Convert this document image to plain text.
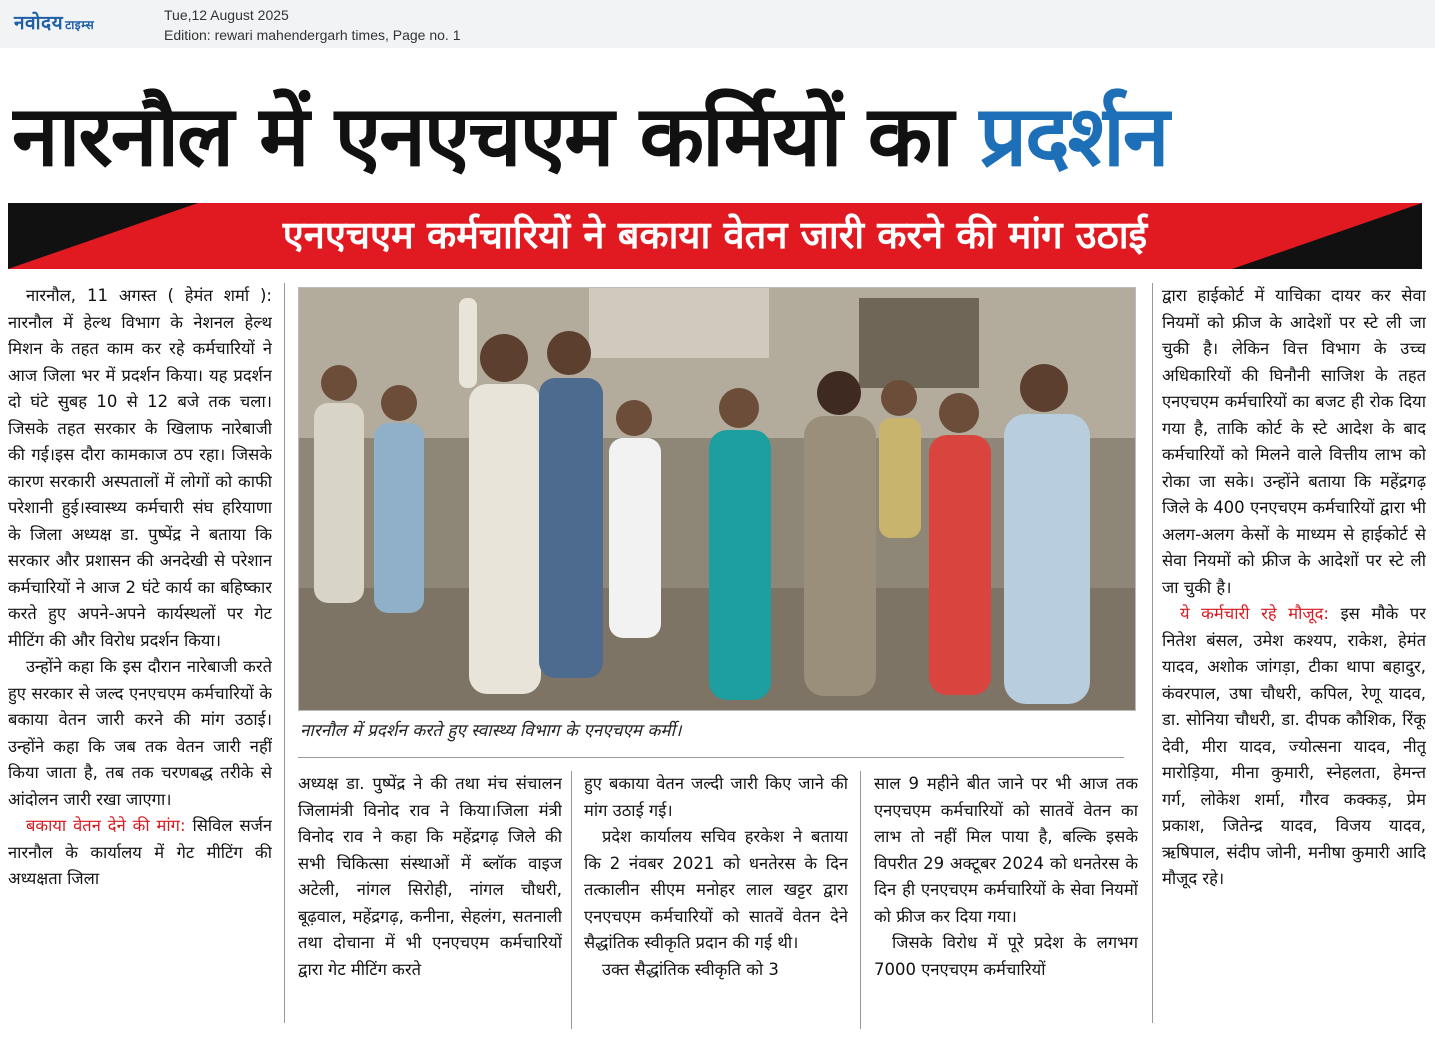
नवोदय टाइम्स
Tue,12 August 2025
Edition: rewari mahendergarh times, Page no. 1
नारनौल में एनएचएम कर्मियों का प्रदर्शन
एनएचएम कर्मचारियों ने बकाया वेतन जारी करने की मांग उठाई

नारनौल, 11 अगस्त ( हेमंत शर्मा ): नारनौल में हेल्थ विभाग के नेशनल हेल्थ मिशन के तहत काम कर रहे कर्मचारियों ने आज जिला भर में प्रदर्शन किया। यह प्रदर्शन दो घंटे सुबह 10 से 12 बजे तक चला। जिसके तहत सरकार के खिलाफ नारेबाजी की गई।इस दौरा कामकाज ठप रहा। जिसके कारण सरकारी अस्पतालों में लोगों को काफी परेशानी हुई।स्वास्थ्य कर्मचारी संघ हरियाणा के जिला अध्यक्ष डा. पुष्पेंद्र ने बताया कि सरकार और प्रशासन की अनदेखी से परेशान कर्मचारियों ने आज 2 घंटे कार्य का बहिष्कार करते हुए अपने-अपने कार्यस्थलों पर गेट मीटिंग की और विरोध प्रदर्शन किया।

उन्होंने कहा कि इस दौरान नारेबाजी करते हुए सरकार से जल्द एनएचएम कर्मचारियों के बकाया वेतन जारी करने की मांग उठाई। उन्होंने कहा कि जब तक वेतन जारी नहीं किया जाता है, तब तक चरणबद्ध तरीके से आंदोलन जारी रखा जाएगा।

बकाया वेतन देने की मांग: सिविल सर्जन नारनौल के कार्यालय में गेट मीटिंग की अध्यक्षता जिला

नारनौल में प्रदर्शन करते हुए स्वास्थ्य विभाग के एनएचएम कर्मी।

अध्यक्ष डा. पुष्पेंद्र ने की तथा मंच संचालन जिलामंत्री विनोद राव ने किया।जिला मंत्री विनोद राव ने कहा कि महेंद्रगढ़ जिले की सभी चिकित्सा संस्थाओं में ब्लॉक वाइज अटेली, नांगल सिरोही, नांगल चौधरी, बूढ़वाल, महेंद्रगढ़, कनीना, सेहलंग, सतनाली तथा दोचाना में भी एनएचएम कर्मचारियों द्वारा गेट मीटिंग करते

हुए बकाया वेतन जल्दी जारी किए जाने की मांग उठाई गई।

प्रदेश कार्यालय सचिव हरकेश ने बताया कि 2 नंवबर 2021 को धनतेरस के दिन तत्कालीन सीएम मनोहर लाल खट्टर द्वारा एनएचएम कर्मचारियों को सातवें वेतन देने सैद्धांतिक स्वीकृति प्रदान की गई थी।

उक्त सैद्धांतिक स्वीकृति को 3

साल 9 महीने बीत जाने पर भी आज तक एनएचएम कर्मचारियों को सातवें वेतन का लाभ तो नहीं मिल पाया है, बल्कि इसके विपरीत 29 अक्टूबर 2024 को धनतेरस के दिन ही एनएचएम कर्मचारियों के सेवा नियमों को फ्रीज कर दिया गया।

जिसके विरोध में पूरे प्रदेश के लगभग 7000 एनएचएम कर्मचारियों

द्वारा हाईकोर्ट में याचिका दायर कर सेवा नियमों को फ्रीज के आदेशों पर स्टे ली जा चुकी है। लेकिन वित्त विभाग के उच्च अधिकारियों की घिनौनी साजिश के तहत एनएचएम कर्मचारियों का बजट ही रोक दिया गया है, ताकि कोर्ट के स्टे आदेश के बाद कर्मचारियों को मिलने वाले वित्तीय लाभ को रोका जा सके। उन्होंने बताया कि महेंद्रगढ़ जिले के 400 एनएचएम कर्मचारियों द्वारा भी अलग-अलग केसों के माध्यम से हाईकोर्ट से सेवा नियमों को फ्रीज के आदेशों पर स्टे ली जा चुकी है।

ये कर्मचारी रहे मौजूद: इस मौके पर नितेश बंसल, उमेश कश्यप, राकेश, हेमंत यादव, अशोक जांगड़ा, टीका थापा बहादुर, कंवरपाल, उषा चौधरी, कपिल, रेणू यादव, डा. सोनिया चौधरी, डा. दीपक कौशिक, रिंकू देवी, मीरा यादव, ज्योत्सना यादव, नीतू मारोड़िया, मीना कुमारी, स्नेहलता, हेमन्त गर्ग, लोकेश शर्मा, गौरव कक्कड़, प्रेम प्रकाश, जितेन्द्र यादव, विजय यादव, ऋषिपाल, संदीप जोनी, मनीषा कुमारी आदि मौजूद रहे।
